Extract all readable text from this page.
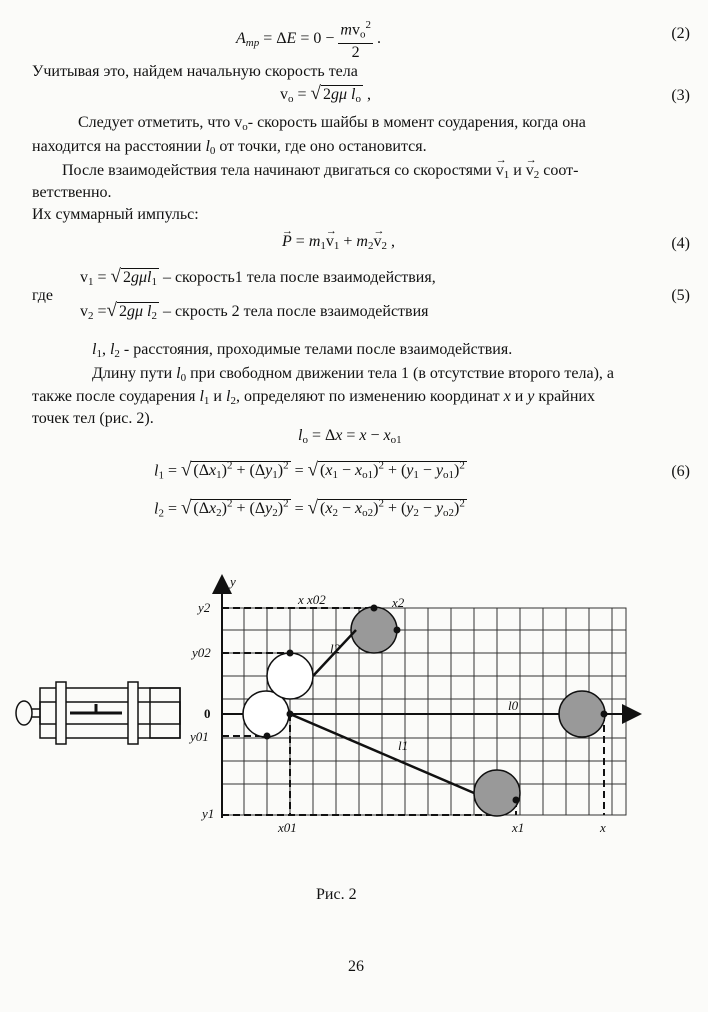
$A_{mp} = \Delta E = 0 - \frac{mv_o^2}{2}$ .	(2)
Учитывая это, найдем начальную скорость тела
$v_o$ = √ 2gμ $l_o$ ,	(3)
Следует отметить, что $v_o-$ скорость шайбы в момент соударения, когда она
находится на расстоянии $l_0$ от точки, где оно остановится.
После взаимодействия тела начинают двигаться со скоростями → $v_1$ $и \to v_2$ соот-
ветственно.
Их суммарный импульс:
→ $P = m_1\to v_1 + m_2\to v_2$ ,	(4)
где
$v_1$ = √ 2gμl$_1$ – скорость1 тела после взаимодействия,
$v_2$ =√ 2gμ $l_2$ – скрость 2 тела после взаимодействия
(5)
$l_1$, $l_2$ - расстояния, проходимые телами после взаимодействия.
Длину пути $l_0$ при свободном движении тела 1 (в отсутствие второго тела), а
также после соударения $l_1$ и $l_2$, определяют по изменению координат x и y крайних
точек тел (рис. 2).
$l_o = \Delta x = x - x_{o1}$
$l_1$ = √ $(\Delta x_1)^2 + (\Delta y_1)^2$ = √ $(x_1 - x_{o1})^2 + (y_1 - y_{o1})^2$
$l_2$ = √ $(\Delta x_2)^2 + (\Delta y_2)^2$ = √ $(x_2 - x_{o2})^2 + (y_2 - y_{o2})^2$
(6)
y
y2
y02
0
y01
y1
x x02	x2
l2
l0
l1
x01	x1	x
Рис. 2
26
